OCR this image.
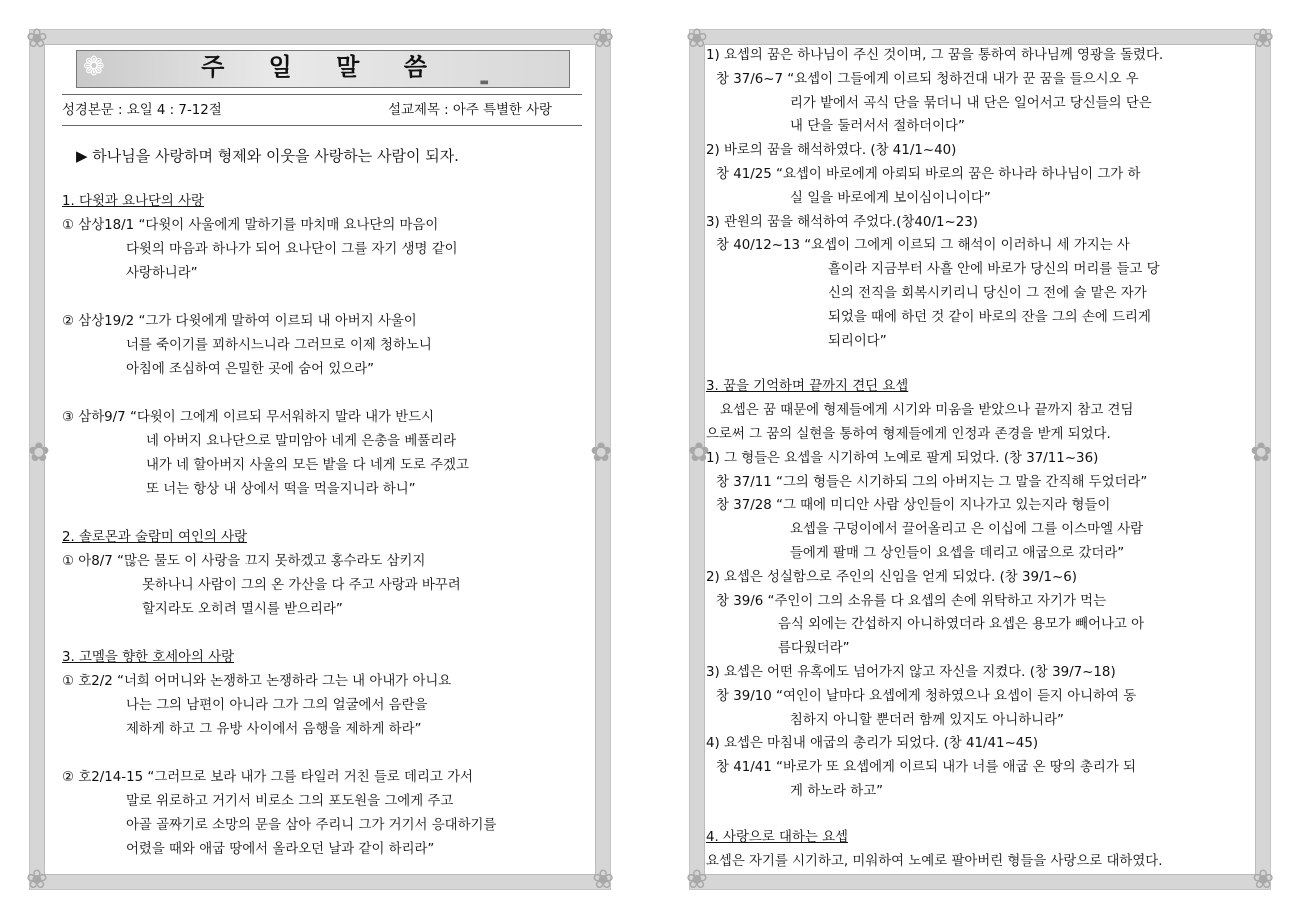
❀	❀
❀	❀
✿	✿
❁	주 일 말 씀
▬
성경본문 : 요일 4 : 7-12절	설교제목 : 아주 특별한 사랑
▶ 하나님을 사랑하며 형제와 이웃을 사랑하는 사람이 되자.
1. 다윗과 요나단의 사랑
① 삼상18/1 “다윗이 사울에게 말하기를 마치매 요나단의 마음이
다윗의 마음과 하나가 되어 요나단이 그를 자기 생명 같이
사랑하니라”
② 삼상19/2 “그가 다윗에게 말하여 이르되 내 아버지 사울이
너를 죽이기를 꾀하시느니라 그러므로 이제 청하노니
아침에 조심하여 은밀한 곳에 숨어 있으라”
③ 삼하9/7 “다윗이 그에게 이르되 무서워하지 말라 내가 반드시
네 아버지 요나단으로 말미암아 네게 은총을 베풀리라
내가 네 할아버지 사울의 모든 밭을 다 네게 도로 주겠고
또 너는 항상 내 상에서 떡을 먹을지니라 하니”
2. 솔로몬과 술람미 여인의 사랑
① 아8/7 “많은 물도 이 사랑을 끄지 못하겠고 홍수라도 삼키지
못하나니 사람이 그의 온 가산을 다 주고 사랑과 바꾸려
할지라도 오히려 멸시를 받으리라”
3. 고멜을 향한 호세아의 사랑
① 호2/2 “너희 어머니와 논쟁하고 논쟁하라 그는 내 아내가 아니요
나는 그의 남편이 아니라 그가 그의 얼굴에서 음란을
제하게 하고 그 유방 사이에서 음행을 제하게 하라”
② 호2/14-15 “그러므로 보라 내가 그를 타일러 거친 들로 데리고 가서
말로 위로하고 거기서 비로소 그의 포도원을 그에게 주고
아골 골짜기로 소망의 문을 삼아 주리니 그가 거기서 응대하기를
어렸을 때와 애굽 땅에서 올라오던 날과 같이 하리라”
❀	❀
❀	❀
✿	✿
1) 요셉의 꿈은 하나님이 주신 것이며, 그 꿈을 통하여 하나님께 영광을 돌렸다.
창 37/6~7 “요셉이 그들에게 이르되 청하건대 내가 꾼 꿈을 들으시오 우
리가 밭에서 곡식 단을 묶더니 내 단은 일어서고 당신들의 단은
내 단을 둘러서서 절하더이다”
2) 바로의 꿈을 해석하였다. (창 41/1~40)
창 41/25 “요셉이 바로에게 아뢰되 바로의 꿈은 하나라 하나님이 그가 하
실 일을 바로에게 보이심이니이다”
3) 관원의 꿈을 해석하여 주었다.(창40/1~23)
창 40/12~13 “요셉이 그에게 이르되 그 해석이 이러하니 세 가지는 사
흘이라 지금부터 사흘 안에 바로가 당신의 머리를 들고 당
신의 전직을 회복시키리니 당신이 그 전에 술 맡은 자가
되었을 때에 하던 것 같이 바로의 잔을 그의 손에 드리게
되리이다”
3. 꿈을 기억하며 끝까지 견딘 요셉
요셉은 꿈 때문에 형제들에게 시기와 미움을 받았으나 끝까지 참고 견딤
으로써 그 꿈의 실현을 통하여 형제들에게 인정과 존경을 받게 되었다.
1) 그 형들은 요셉을 시기하여 노예로 팔게 되었다. (창 37/11~36)
창 37/11 “그의 형들은 시기하되 그의 아버지는 그 말을 간직해 두었더라”
창 37/28 “그 때에 미디안 사람 상인들이 지나가고 있는지라 형들이
요셉을 구덩이에서 끌어올리고 은 이십에 그를 이스마엘 사람
들에게 팔매 그 상인들이 요셉을 데리고 애굽으로 갔더라”
2) 요셉은 성실함으로 주인의 신임을 얻게 되었다. (창 39/1~6)
창 39/6 “주인이 그의 소유를 다 요셉의 손에 위탁하고 자기가 먹는
음식 외에는 간섭하지 아니하였더라 요셉은 용모가 빼어나고 아
름다웠더라”
3) 요셉은 어떤 유혹에도 넘어가지 않고 자신을 지켰다. (창 39/7~18)
창 39/10 “여인이 날마다 요셉에게 청하였으나 요셉이 듣지 아니하여 동
침하지 아니할 뿐더러 함께 있지도 아니하니라”
4) 요셉은 마침내 애굽의 총리가 되었다. (창 41/41~45)
창 41/41 “바로가 또 요셉에게 이르되 내가 너를 애굽 온 땅의 총리가 되
게 하노라 하고”
4. 사랑으로 대하는 요셉
요셉은 자기를 시기하고, 미워하여 노예로 팔아버린 형들을 사랑으로 대하였다.
